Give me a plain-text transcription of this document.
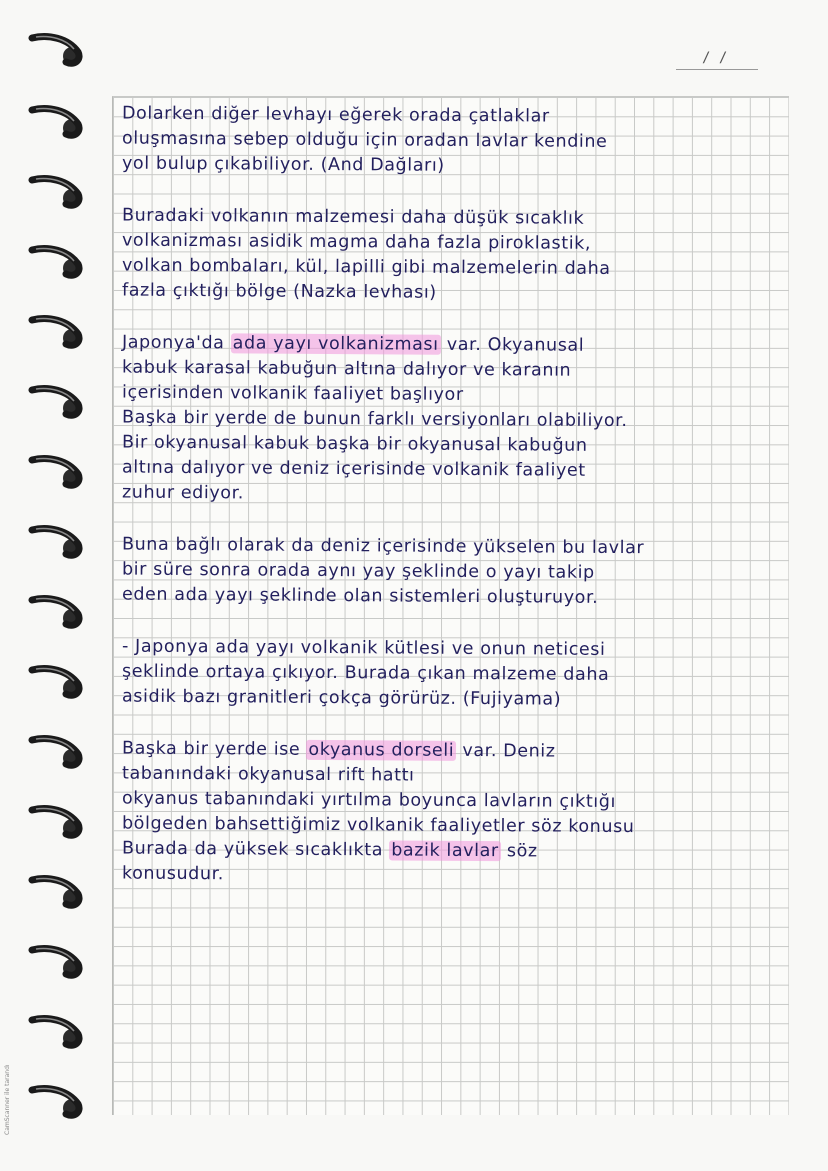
/ /
Dolarken diğer levhayı eğerek orada çatlaklar
oluşmasına sebep olduğu için oradan lavlar kendine
yol bulup çıkabiliyor. (And Dağları)
Buradaki volkanın malzemesi daha düşük sıcaklık
volkanizması asidik magma daha fazla piroklastik,
volkan bombaları, kül, lapilli gibi malzemelerin daha
fazla çıktığı bölge (Nazka levhası)
Japonya'da ada yayı volkanizması var. Okyanusal
kabuk karasal kabuğun altına dalıyor ve karanın
içerisinden volkanik faaliyet başlıyor
Başka bir yerde de bunun farklı versiyonları olabiliyor.
Bir okyanusal kabuk başka bir okyanusal kabuğun
altına dalıyor ve deniz içerisinde volkanik faaliyet
zuhur ediyor.
Buna bağlı olarak da deniz içerisinde yükselen bu lavlar
bir süre sonra orada aynı yay şeklinde o yayı takip
eden ada yayı şeklinde olan sistemleri oluşturuyor.
- Japonya ada yayı volkanik kütlesi ve onun neticesi
şeklinde ortaya çıkıyor. Burada çıkan malzeme daha
asidik bazı granitleri çokça görürüz. (Fujiyama)
Başka bir yerde ise okyanus dorseli var. Deniz
tabanındaki okyanusal rift hattı
okyanus tabanındaki yırtılma boyunca lavların çıktığı
bölgeden bahsettiğimiz volkanik faaliyetler söz konusu
Burada da yüksek sıcaklıkta bazik lavlar söz
konusudur.
CamScanner ile tarandı
